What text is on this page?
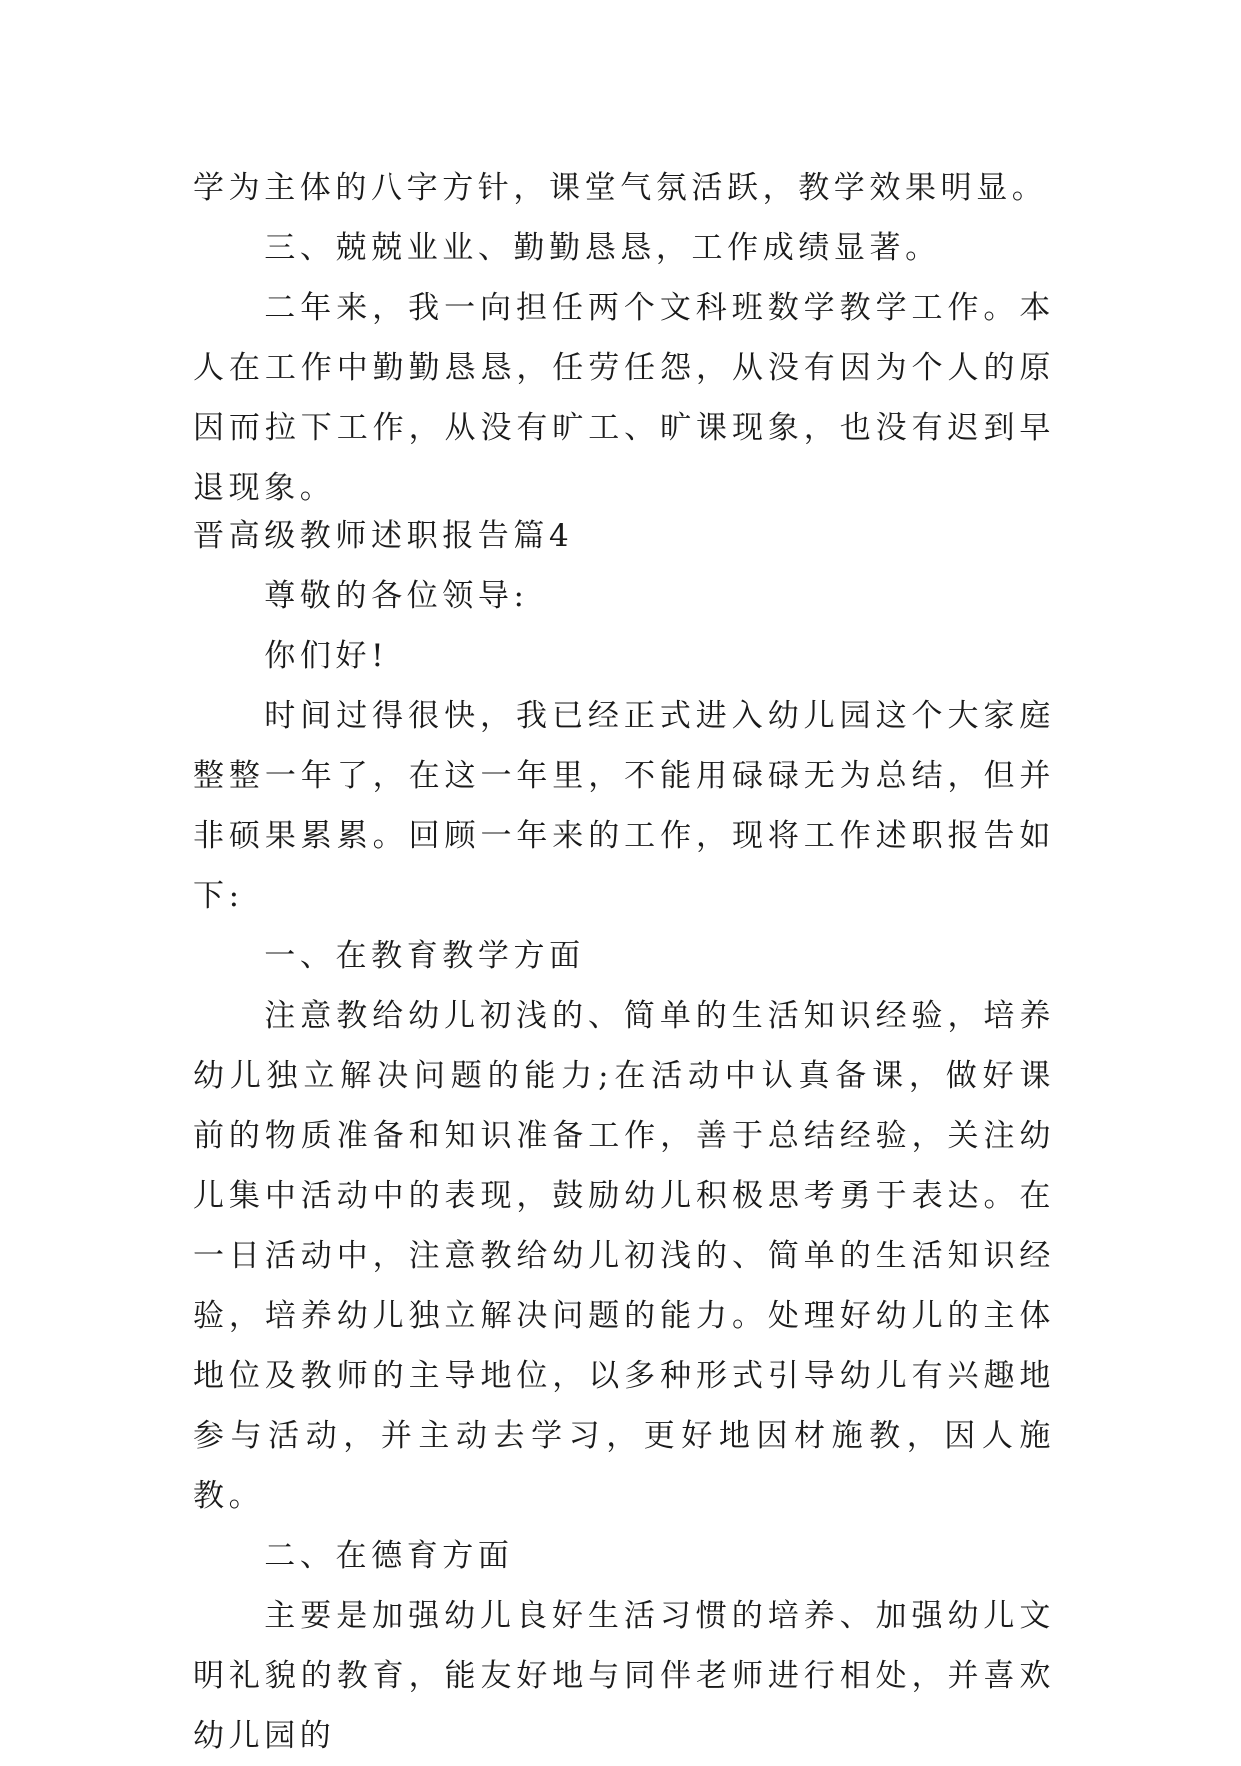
学为主体的八字方针，课堂气氛活跃，教学效果明显。

三、兢兢业业、勤勤恳恳，工作成绩显著。

二年来，我一向担任两个文科班数学教学工作。本人在工作中勤勤恳恳，任劳任怨，从没有因为个人的原因而拉下工作，从没有旷工、旷课现象，也没有迟到早退现象。

晋高级教师述职报告篇4

尊敬的各位领导:

你们好!

时间过得很快，我已经正式进入幼儿园这个大家庭整整一年了，在这一年里，不能用碌碌无为总结，但并非硕果累累。回顾一年来的工作，现将工作述职报告如下:

一、在教育教学方面

注意教给幼儿初浅的、简单的生活知识经验，培养幼儿独立解决问题的能力;在活动中认真备课，做好课前的物质准备和知识准备工作，善于总结经验，关注幼儿集中活动中的表现，鼓励幼儿积极思考勇于表达。在一日活动中，注意教给幼儿初浅的、简单的生活知识经验，培养幼儿独立解决问题的能力。处理好幼儿的主体地位及教师的主导地位，以多种形式引导幼儿有兴趣地参与活动，并主动去学习，更好地因材施教，因人施教。

二、在德育方面

主要是加强幼儿良好生活习惯的培养、加强幼儿文明礼貌的教育，能友好地与同伴老师进行相处，并喜欢幼儿园的
